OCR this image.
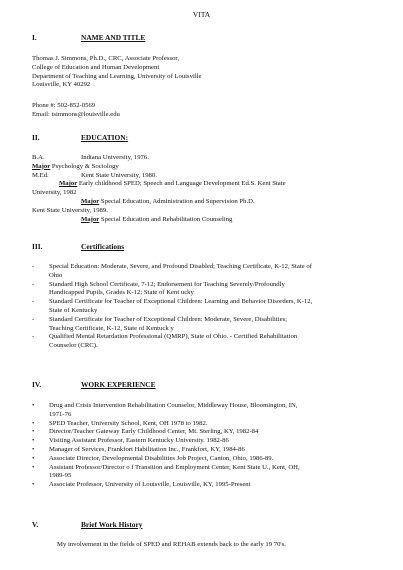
VITA
I.	NAME AND TITLE
Thomas J. Simmons, Ph.D., CRC, Associate Professor,
College of Education and Human Development
Department of Teaching and Learning, University of Louisville
Louisville, KY 40292
Phone #: 502-852-0569
Email: tsimmons@louisville.edu
II.	EDUCATION:
B.A.	Indiana University, 1976.
Major Psychology & Sociology
M.Ed.	Kent State University, 1980.
Major Early childhood SPED; Speech and Language Development Ed.S. Kent State
University, 1982
Major Special Education, Administration and Supervision Ph.D.
Kent State University, 1989.
Major Special Education and Rehabilitation Counseling
III.	Certifications
- Special Education: Moderate, Severe, and Profound Disabled; Teaching Certificate, K-12, State of
Ohio
- Standard High School Certificate, 7-12; Endorsement for Teaching Severely/Profoundly
Handicapped Pupils, Grades K-12; State of Kent ucky
- Standard Certificate for Teacher of Exceptional Children: Learning and Behavior Disorders, K-12,
State of Kentucky
- Standard Certificate for Teacher of Exceptional Children: Moderate, Severe, Disabilities;
Teaching Certificate, K-12, State of Kentuck y
- Qualified Mental Retardation Professional (QMRP), State of Ohio. - Certified Rehabilitation
Counselor (CRC).
IV.	WORK EXPERIENCE
• Drug and Crisis Intervention Rehabilitation Counselor, Middleway House, Bloomington, IN,
1971-76
• SPED Teacher, University School, Kent, OH 1978 to 1982.
• Director/Teacher Gateway Early Childhood Center, Mt. Sterling, KY, 1982-84
• Visiting Assistant Professor, Eastern Kentucky University. 1982-86
• Manager of Services, Frankfort Habilitation Inc., Frankfort, KY, 1984-86
• Associate Director, Developmental Disabilities Job Project, Canton, Ohio, 1986-89.
• Assistant Professor/Director o f Transition and Employment Center, Kent State U., Kent, OH,
1989-95
• Associate Professor, University of Louisville, Louisville, KY, 1995-Present
V.	Brief Work History
My involvement in the fields of SPED and REHAB extends back to the early 19 70's.
